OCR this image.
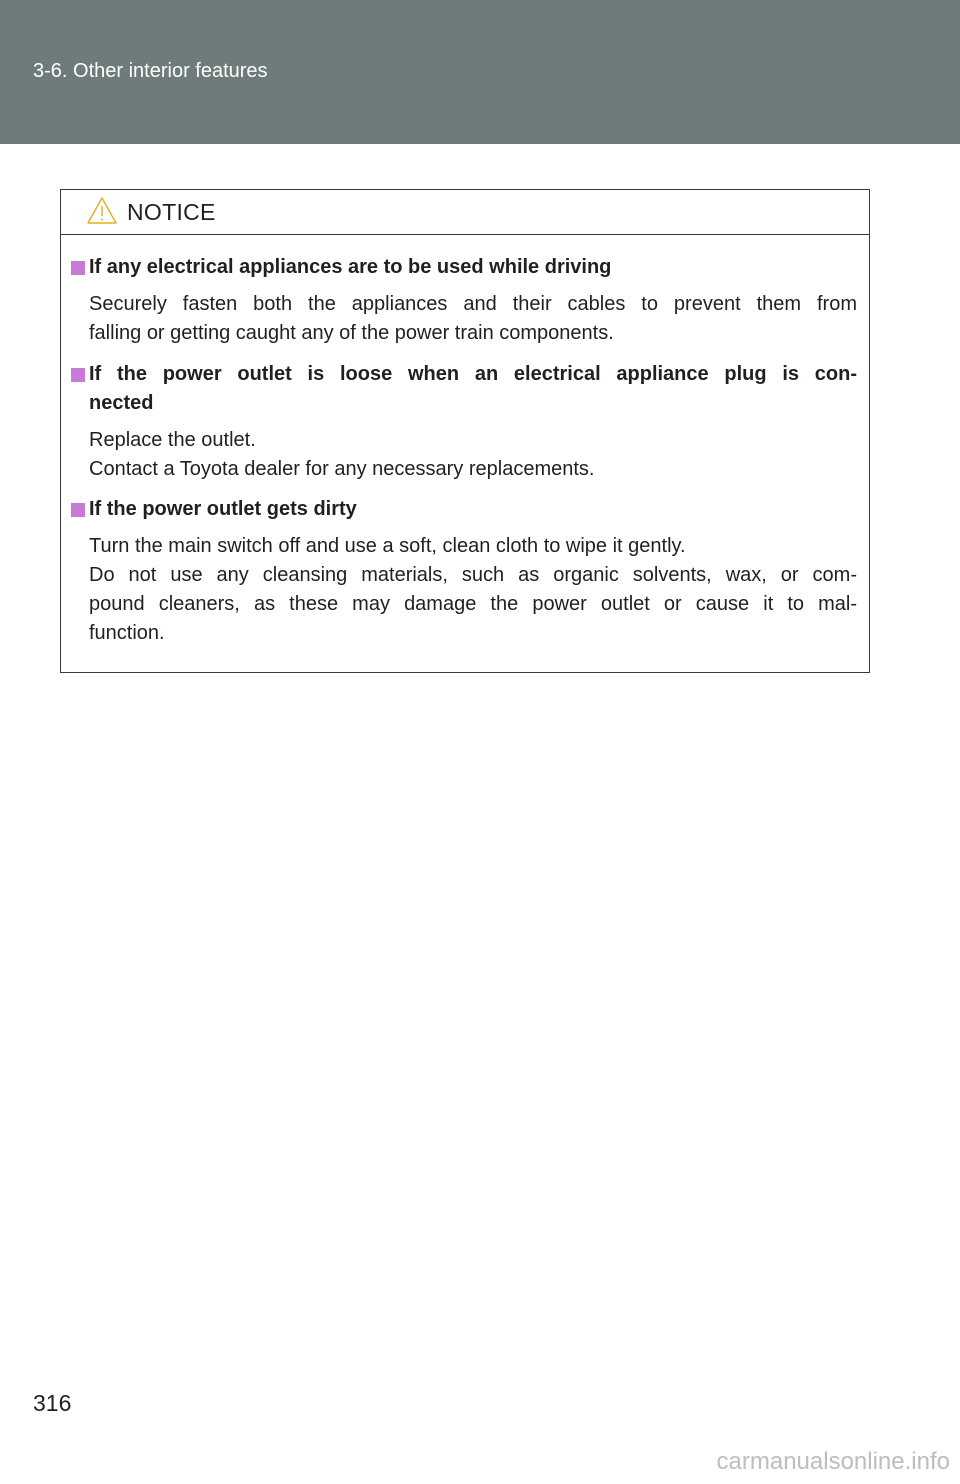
3-6. Other interior features
NOTICE
If any electrical appliances are to be used while driving
Securely fasten both the appliances and their cables to prevent them from
falling or getting caught any of the power train components.
If the power outlet is loose when an electrical appliance plug is con-
nected
Replace the outlet.
Contact a Toyota dealer for any necessary replacements.
If the power outlet gets dirty
Turn the main switch off and use a soft, clean cloth to wipe it gently.
Do not use any cleansing materials, such as organic solvents, wax, or com-
pound cleaners, as these may damage the power outlet or cause it to mal-
function.
316
carmanualsonline.info
